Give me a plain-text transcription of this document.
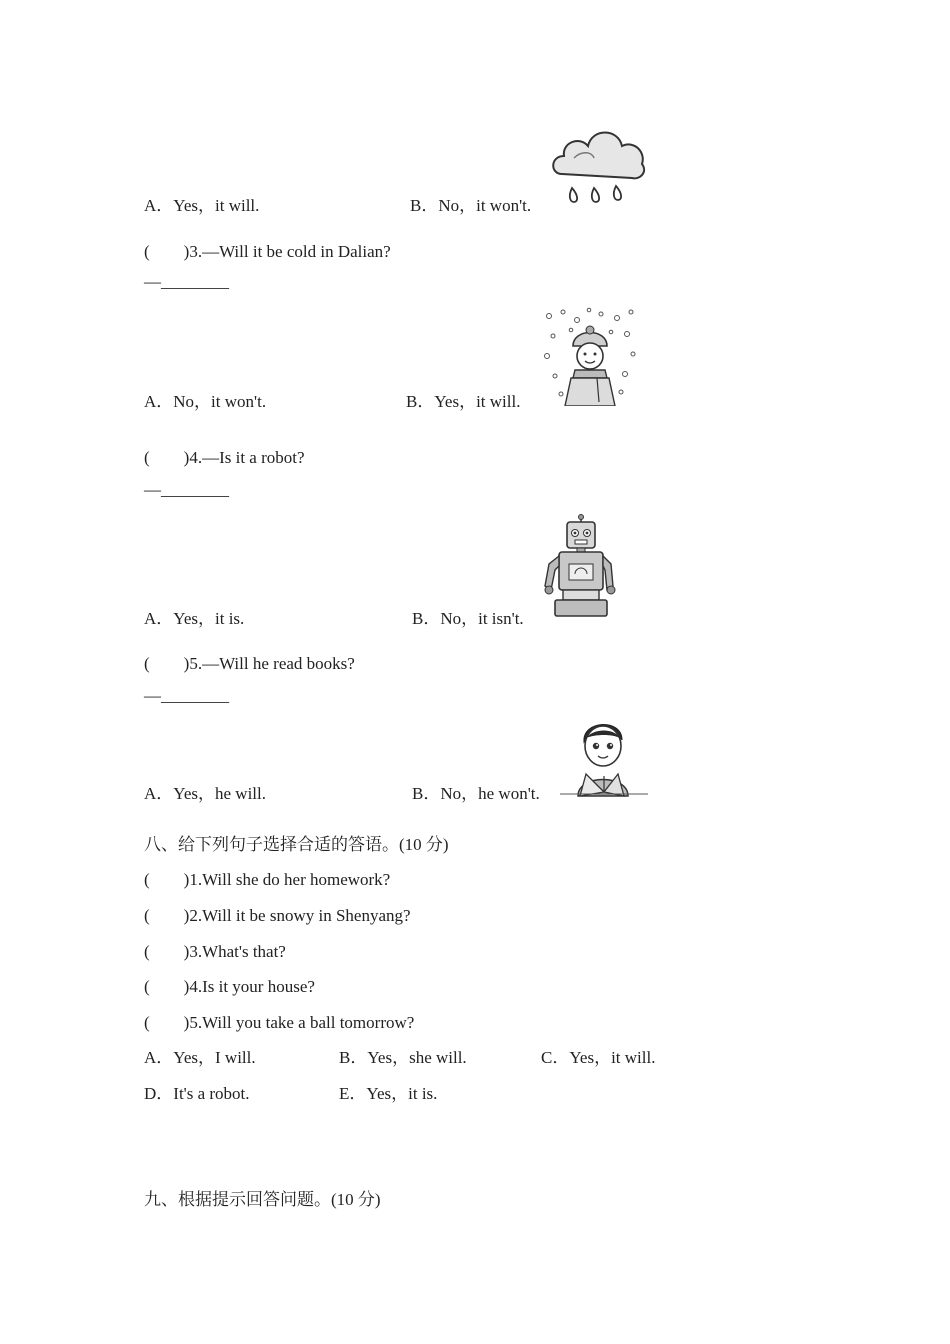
A．Yes，it will.	B．No，it won't.
(　　)3.—Will it be cold in Dalian?
—________
A．No，it won't.	B．Yes，it will.
(　　)4.—Is it a robot?
—________
A．Yes，it is.	B．No，it isn't.
(　　)5.—Will he read books?
—________
A．Yes，he will.	B．No，he won't.
八、给下列句子选择合适的答语。(10 分)
(　　)1.Will she do her homework?
(　　)2.Will it be snowy in Shenyang?
(　　)3.What's that?
(　　)4.Is it your house?
(　　)5.Will you take a ball tomorrow?
A．Yes，I will.	B．Yes，she will.	C．Yes，it will.
D．It's a robot.	E．Yes，it is.
九、根据提示回答问题。(10 分)
